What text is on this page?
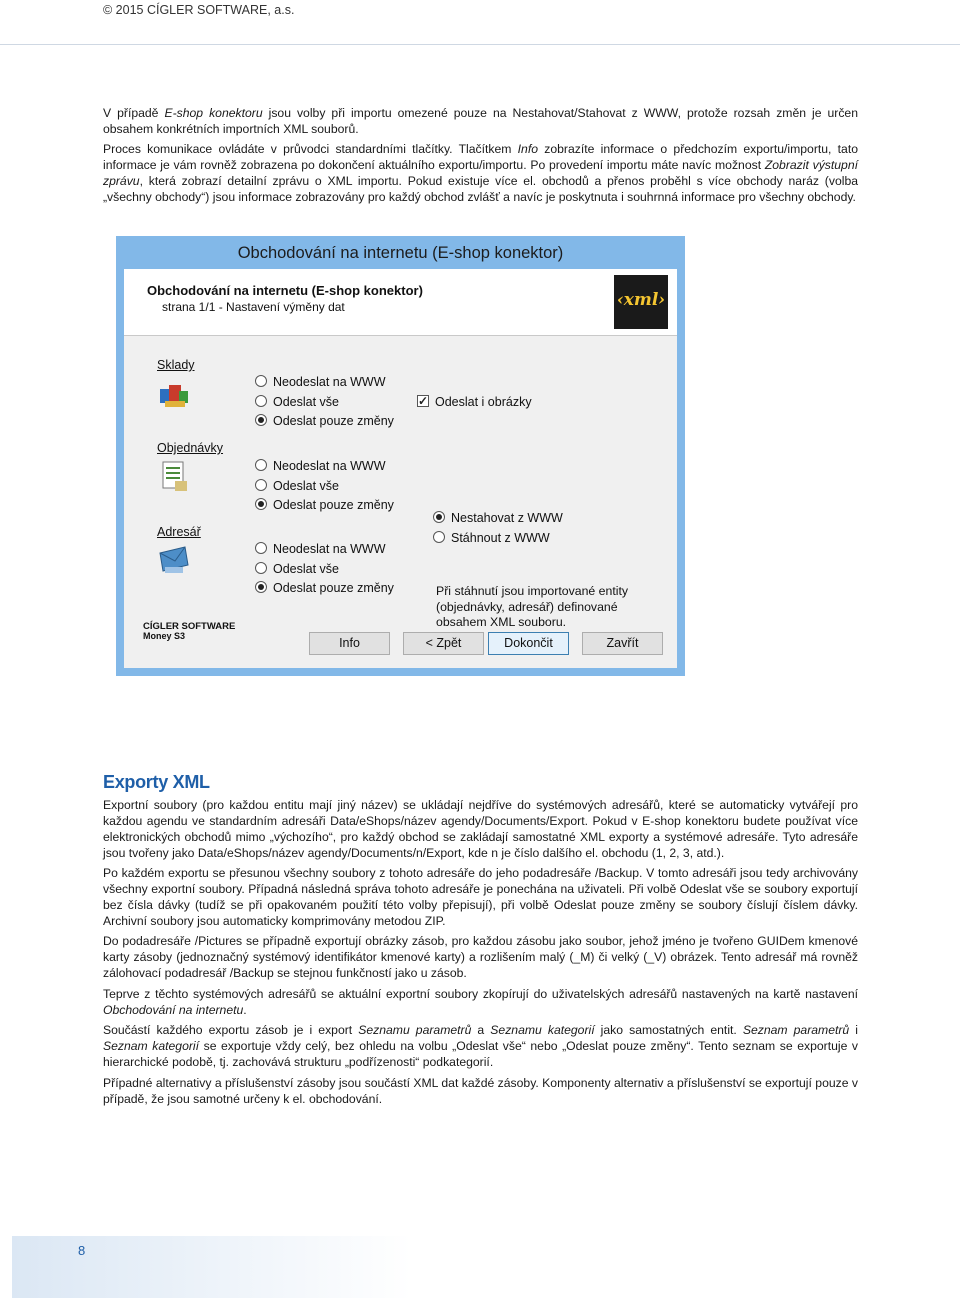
© 2015 CÍGLER SOFTWARE, a.s.

V případě E-shop konektoru jsou volby při importu omezené pouze na Nestahovat/Stahovat z WWW, protože rozsah změn je určen obsahem konkrétních importních XML souborů.

Proces komunikace ovládáte v průvodci standardními tlačítky. Tlačítkem Info zobrazíte informace o předchozím exportu/importu, tato informace je vám rovněž zobrazena po dokončení aktuálního exportu/importu. Po provedení importu máte navíc možnost Zobrazit výstupní zprávu, která zobrazí detailní zprávu o XML importu. Pokud existuje více el. obchodů a přenos proběhl s více obchody naráz (volba „všechny obchody“) jsou informace zobrazovány pro každý obchod zvlášť a navíc je poskytnuta i souhrnná informace pro všechny obchody.

Obchodování na internetu (E-shop konektor)
Obchodování na internetu (E-shop konektor)
strana 1/1 - Nastavení výměny dat	‹xml›
Sklady
Neodeslat na WWW
Odeslat vše
Odeslat pouze změny
Odeslat i obrázky ✓
Objednávky
Neodeslat na WWW
Odeslat vše
Odeslat pouze změny
Adresář
Neodeslat na WWW
Odeslat vše
Odeslat pouze změny
Nestahovat z WWW
Stáhnout z WWW
Při stáhnutí jsou importované entity (objednávky, adresář) definované obsahem XML souboru.
CÍGLER SOFTWARE
Money S3	Info	< Zpět	Dokončit	Zavřít
Exporty XML

Exportní soubory (pro každou entitu mají jiný název) se ukládají nejdříve do systémových adresářů, které se automaticky vytvářejí pro každou agendu ve standardním adresáři Data/eShops/název agendy/Documents/Export. Pokud v E-shop konektoru budete používat více elektronických obchodů mimo „výchozího“, pro každý obchod se zakládají samostatné XML exporty a systémové adresáře. Tyto adresáře jsou tvořeny jako Data/eShops/název agendy/Documents/n/Export, kde n je číslo dalšího el. obchodu (1, 2, 3, atd.).

Po každém exportu se přesunou všechny soubory z tohoto adresáře do jeho podadresáře /Backup. V tomto adresáři jsou tedy archivovány všechny exportní soubory. Případná následná správa tohoto adresáře je ponechána na uživateli. Při volbě Odeslat vše se soubory exportují bez čísla dávky (tudíž se při opakovaném použití této volby přepisují), při volbě Odeslat pouze změny se soubory číslují číslem dávky. Archivní soubory jsou automaticky komprimovány metodou ZIP.

Do podadresáře /Pictures se případně exportují obrázky zásob, pro každou zásobu jako soubor, jehož jméno je tvořeno GUIDem kmenové karty zásoby (jednoznačný systémový identifikátor kmenové karty) a rozlišením malý (_M) či velký (_V) obrázek. Tento adresář má rovněž zálohovací podadresář /Backup se stejnou funkčností jako u zásob.

Teprve z těchto systémových adresářů se aktuální exportní soubory zkopírují do uživatelských adresářů nastavených na kartě nastavení Obchodování na internetu.

Součástí každého exportu zásob je i export Seznamu parametrů a Seznamu kategorií jako samostatných entit. Seznam parametrů i Seznam kategorií se exportuje vždy celý, bez ohledu na volbu „Odeslat vše“ nebo „Odeslat pouze změny“. Tento seznam se exportuje v hierarchické podobě, tj. zachovává strukturu „podřízenosti“ podkategorií.

Případné alternativy a příslušenství zásoby jsou součástí XML dat každé zásoby. Komponenty alternativ a příslušenství se exportují pouze v případě, že jsou samotné určeny k el. obchodování.

8
